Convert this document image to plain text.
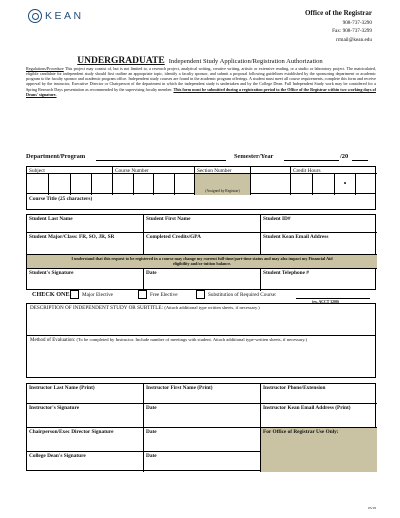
KEAN	Office of the Registrar
908-737-3290
Fax: 908-737-3299
rrmail@kean.edu
UNDERGRADUATE Independent Study Application/Registration Authorization
Regulations/Procedure This project may consist of, but is not limited to, a research project, analytical writing, creative writing, artistic or extensive reading, or a studio or laboratory project. The matriculated, eligible candidate for independent study should first outline an appropriate topic, identify a faculty sponsor, and submit a proposal following guidelines established by the sponsoring department or academic program to the faculty sponsor and academic program office. Independent study courses are found in the academic program offerings. A student must meet all course requirements, complete this form and receive approval by the instructor, Executive Director or Chairperson of the department in which the independent study is undertaken and by the College Dean. Full Independent Study work may be considered for a Spring Research Days presentation as recommended by the supervising faculty member. This form must be submitted during a registration period to the Office of the Registrar within two working days of Deans' signature.
Department/Program	Semester/Year	/20
Subject	Course Number	Section Number	Credit Hours
(Assigned by Registrar)
•
Course Title (25 characters)
Student Last Name	Student First Name	Student ID#
Student Major/Class: FR, SO, JR, SR	Completed Credits/GPA	Student Kean Email Address
I understand that this request to be registered in a course may change my current full-time/part-time status and may also impact my Financial Aid eligibility and/or tuition balance.
Student's Signature	Date	Student Telephone #
CHECK ONE: Major Elective	Free Elective	Substitution of Required Course:
(ex. ACCT 3200)
DESCRIPTION OF INDEPENDENT STUDY OR SUBTITLE: (Attach additional type written sheets, if necessary.)
Method of Evaluation: (To be completed by Instructor. Include number of meetings with student. Attach additional type-written sheets, if necessary.)
Instructor Last Name (Print)	Instructor First Name (Print)	Instructor Phone/Extension
Instructor's Signature	Date	Instructor Kean Email Address (Print)
Chairperson/Exec Director Signature	Date	For Office of Registrar Use Only:
College Dean's Signature	Date
05/18
